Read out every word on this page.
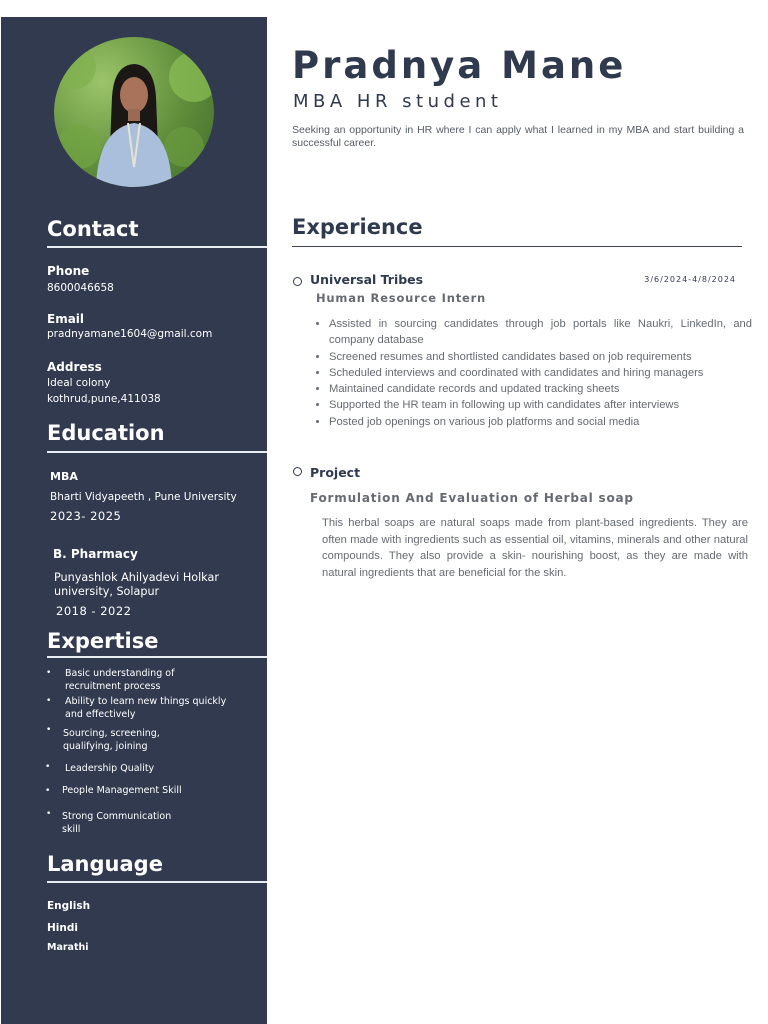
Contact
Phone
8600046658
Email
pradnyamane1604@gmail.com
Address
Ideal colony
kothrud,pune,411038
Education
MBA
Bharti Vidyapeeth , Pune University
2023- 2025
B. Pharmacy
Punyashlok Ahilyadevi Holkar
university, Solapur
2018 - 2022
Expertise
• Basic understanding of
recruitment process
• Ability to learn new things quickly
and effectively
• Sourcing, screening,
qualifying, joining
• Leadership Quality
• People Management Skill
• Strong Communication
skill
Language
English
Hindi
Marathi
Pradnya Mane
MBA HR student
Seeking an opportunity in HR where I can apply what I learned in my MBA and start building a successful career.
Experience
Universal Tribes	3/6/2024-4/8/2024
Human Resource Intern
• Assisted in sourcing candidates through job portals like Naukri, LinkedIn, and company database
• Screened resumes and shortlisted candidates based on job requirements
• Scheduled interviews and coordinated with candidates and hiring managers
• Maintained candidate records and updated tracking sheets
• Supported the HR team in following up with candidates after interviews
• Posted job openings on various job platforms and social media
Project
Formulation And Evaluation of Herbal soap
This herbal soaps are natural soaps made from plant-based ingredients. They are often made with ingredients such as essential oil, vitamins, minerals and other natural compounds. They also provide a skin- nourishing boost, as they are made with natural ingredients that are beneficial for the skin.
